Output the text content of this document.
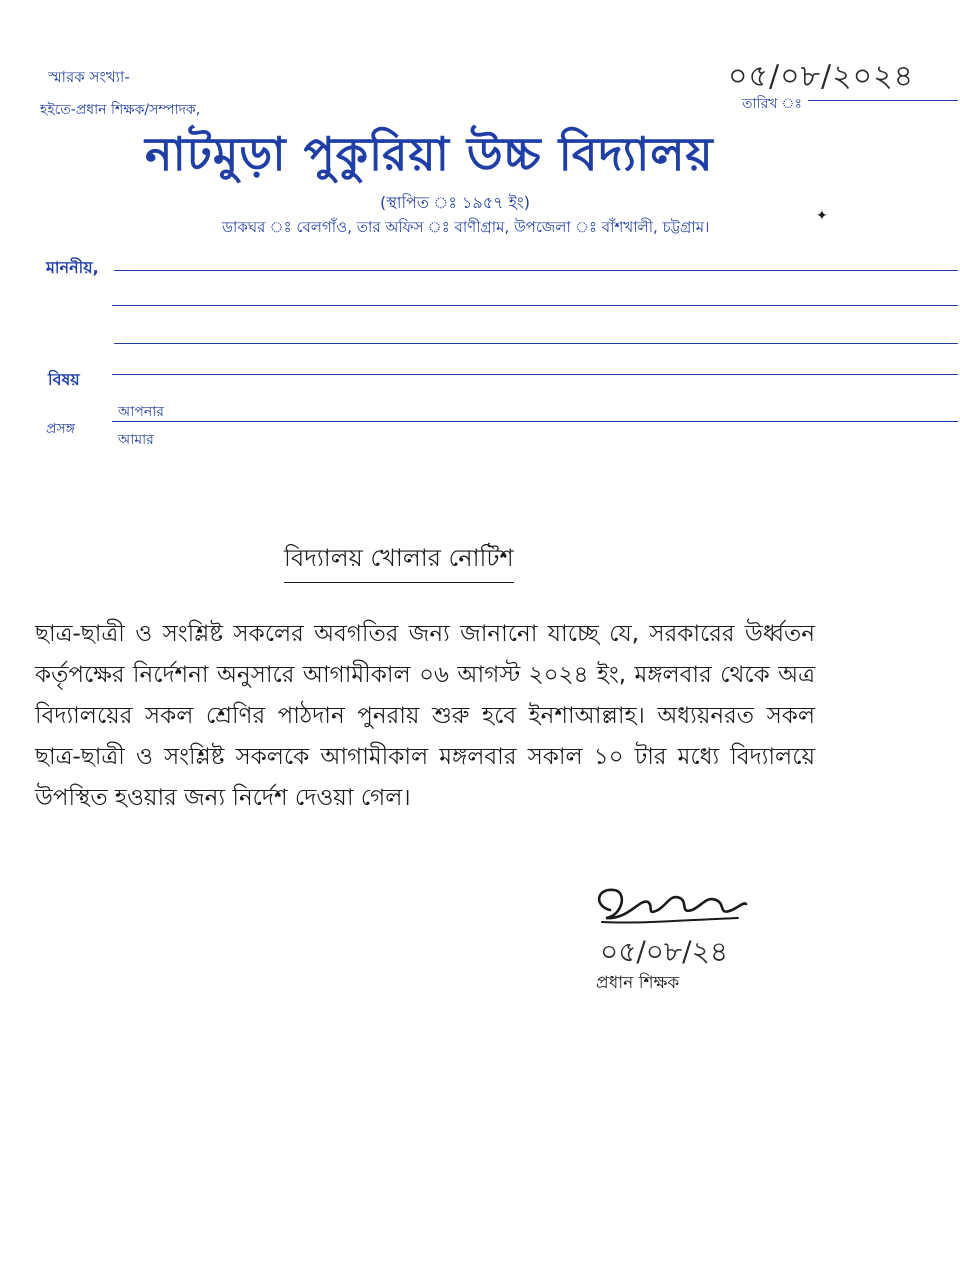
স্মারক সংখ্যা-
হইতে-প্রধান শিক্ষক/সম্পাদক,
০৫/০৮/২০২৪
তারিখ ঃ
নাটমুড়া পুকুরিয়া উচ্চ বিদ্যালয়
(স্থাপিত ঃ ১৯৫৭ ইং)
ডাকঘর ঃ বেলগাঁও, তার অফিস ঃ বাণীগ্রাম, উপজেলা ঃ বাঁশখালী, চট্টগ্রাম।
✦
মাননীয়,
বিষয়
প্রসঙ্গ
আপনার
আমার
বিদ্যালয় খোলার নোটিশ
ছাত্র-ছাত্রী ও সংশ্লিষ্ট সকলের অবগতির জন্য জানানো যাচ্ছে যে, সরকারের উর্ধ্বতন কর্তৃপক্ষের নির্দেশনা অনুসারে আগামীকাল ০৬ আগস্ট ২০২৪ ইং, মঙ্গলবার থেকে অত্র বিদ্যালয়ের সকল শ্রেণির পাঠদান পুনরায় শুরু হবে ইনশাআল্লাহ। অধ্যয়নরত সকল ছাত্র-ছাত্রী ও সংশ্লিষ্ট সকলকে আগামীকাল মঙ্গলবার সকাল ১০ টার মধ্যে বিদ্যালয়ে উপস্থিত হওয়ার জন্য নির্দেশ দেওয়া গেল।
০৫/০৮/২৪
প্রধান শিক্ষক
